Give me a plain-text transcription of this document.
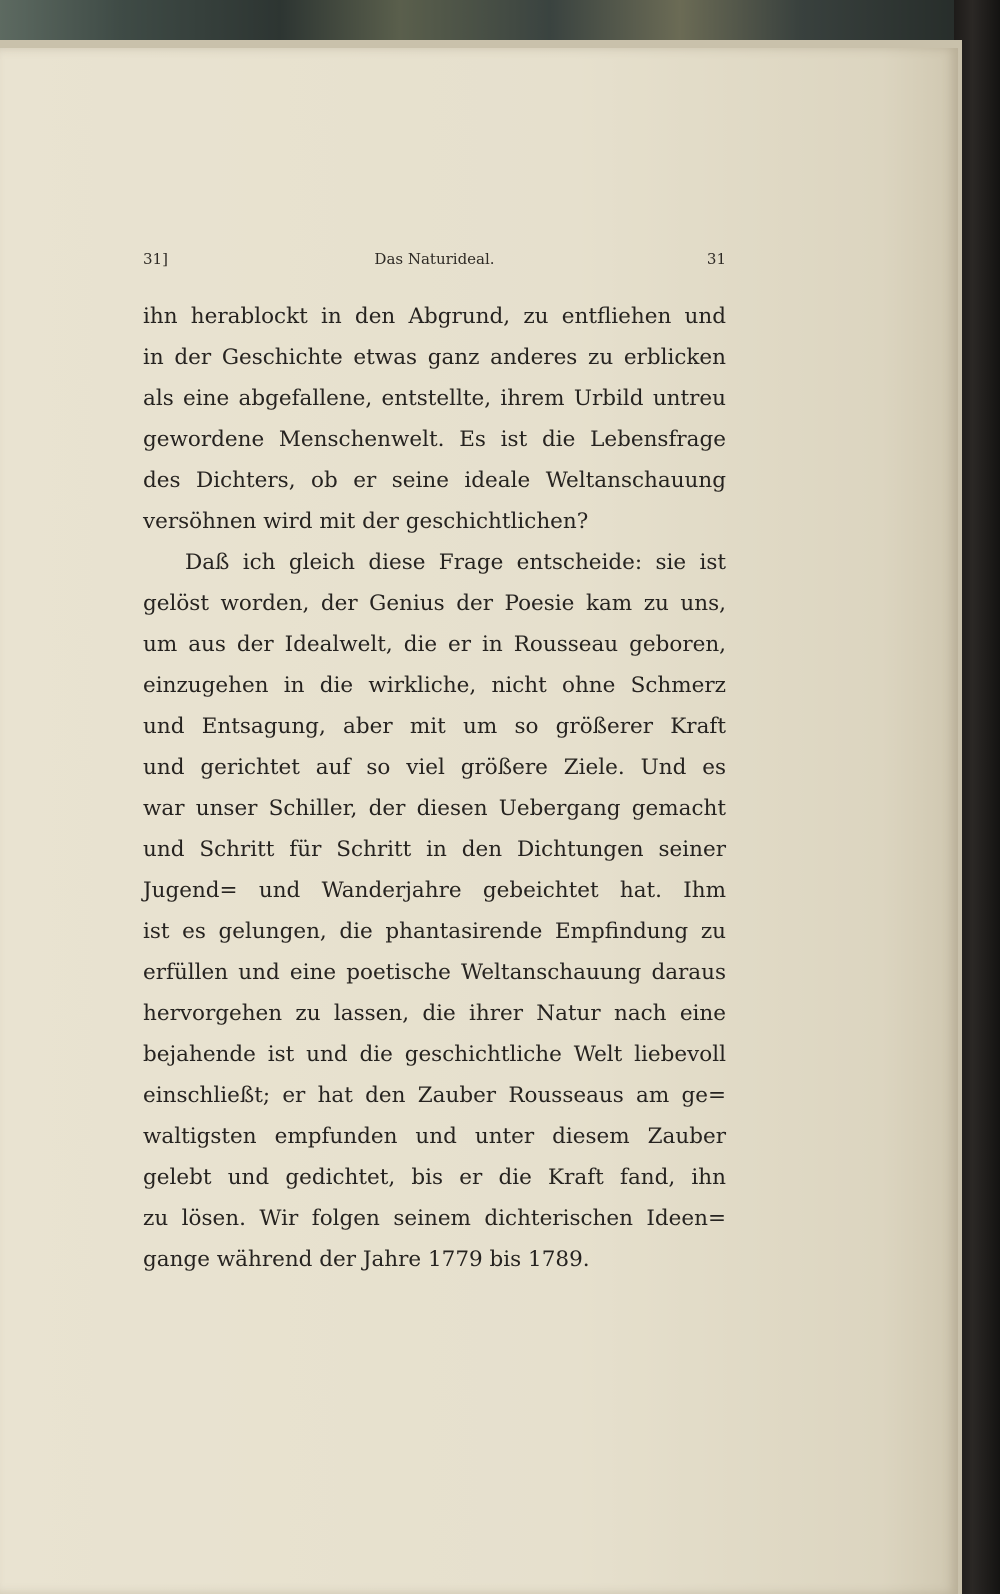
31]	Das Naturideal.	31
ihn herablockt in den Abgrund, zu entfliehen und
in der Geschichte etwas ganz anderes zu erblicken
als eine abgefallene, entstellte, ihrem Urbild untreu
gewordene Menschenwelt. Es ist die Lebensfrage
des Dichters, ob er seine ideale Weltanschauung
versöhnen wird mit der geschichtlichen?
Daß ich gleich diese Frage entscheide: sie ist
gelöst worden, der Genius der Poesie kam zu uns,
um aus der Idealwelt, die er in Rousseau geboren,
einzugehen in die wirkliche, nicht ohne Schmerz
und Entsagung, aber mit um so größerer Kraft
und gerichtet auf so viel größere Ziele. Und es
war unser Schiller, der diesen Uebergang gemacht
und Schritt für Schritt in den Dichtungen seiner
Jugend= und Wanderjahre gebeichtet hat. Ihm
ist es gelungen, die phantasirende Empfindung zu
erfüllen und eine poetische Weltanschauung daraus
hervorgehen zu lassen, die ihrer Natur nach eine
bejahende ist und die geschichtliche Welt liebevoll
einschließt; er hat den Zauber Rousseaus am ge=
waltigsten empfunden und unter diesem Zauber
gelebt und gedichtet, bis er die Kraft fand, ihn
zu lösen. Wir folgen seinem dichterischen Ideen=
gange während der Jahre 1779 bis 1789.
